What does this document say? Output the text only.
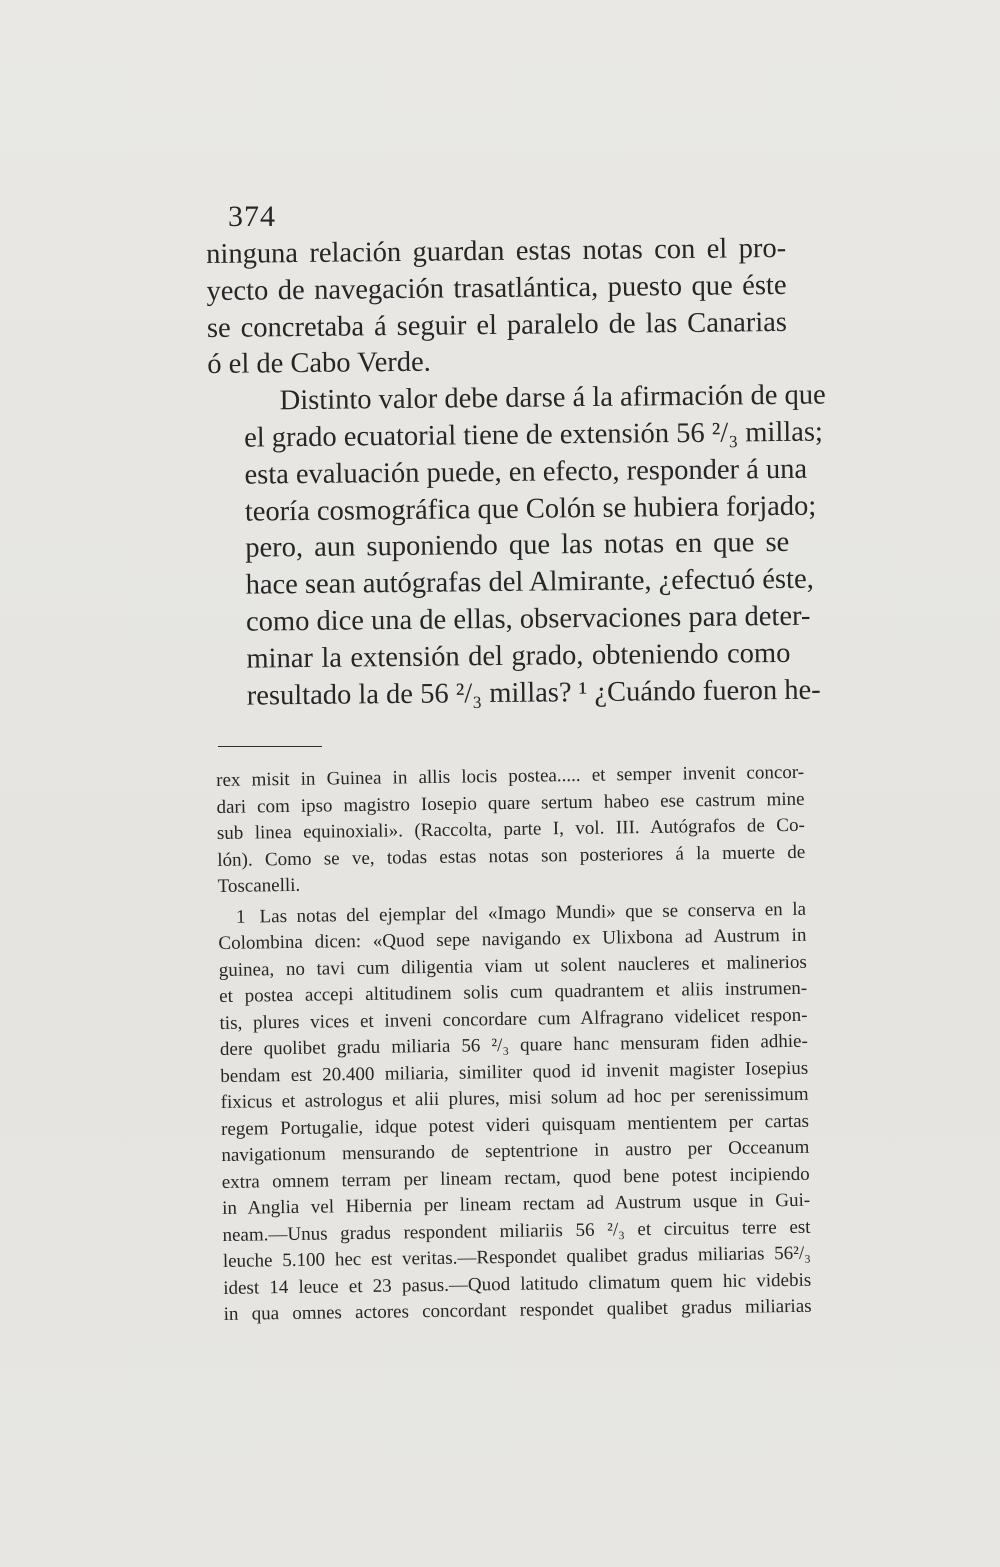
374

ninguna relación guardan estas notas con el pro-
yecto de navegación trasatlántica, puesto que éste
se concretaba á seguir el paralelo de las Canarias
ó el de Cabo Verde.

Distinto valor debe darse á la afirmación de que
el grado ecuatorial tiene de extensión 56 ²/₃ millas;
esta evaluación puede, en efecto, responder á una
teoría cosmográfica que Colón se hubiera forjado;
pero, aun suponiendo que las notas en que se
hace sean autógrafas del Almirante, ¿efectuó éste,
como dice una de ellas, observaciones para deter-
minar la extensión del grado, obteniendo como
resultado la de 56 ²/₃ millas? ¹ ¿Cuándo fueron he-

rex misit in Guinea in allis locis postea..... et semper invenit concor-
dari com ipso magistro Iosepio quare sertum habeo ese castrum mine
sub linea equinoxiali». (Raccolta, parte I, vol. III. Autógrafos de Co-
lón). Como se ve, todas estas notas son posteriores á la muerte de
Toscanelli.

1 Las notas del ejemplar del «Imago Mundi» que se conserva en la
Colombina dicen: «Quod sepe navigando ex Ulixbona ad Austrum in
guinea, no tavi cum diligentia viam ut solent naucleres et malinerios
et postea accepi altitudinem solis cum quadrantem et aliis instrumen-
tis, plures vices et inveni concordare cum Alfragrano videlicet respon-
dere quolibet gradu miliaria 56 ²/₃ quare hanc mensuram fiden adhie-
bendam est 20.400 miliaria, similiter quod id invenit magister Iosepius
fixicus et astrologus et alii plures, misi solum ad hoc per serenissimum
regem Portugalie, idque potest videri quisquam mentientem per cartas
navigationum mensurando de septentrione in austro per Occeanum
extra omnem terram per lineam rectam, quod bene potest incipiendo
in Anglia vel Hibernia per lineam rectam ad Austrum usque in Gui-
neam.—Unus gradus respondent miliariis 56 ²/₃ et circuitus terre est
leuche 5.100 hec est veritas.—Respondet qualibet gradus miliarias 56²/₃
idest 14 leuce et 23 pasus.—Quod latitudo climatum quem hic videbis
in qua omnes actores concordant respondet qualibet gradus miliarias
